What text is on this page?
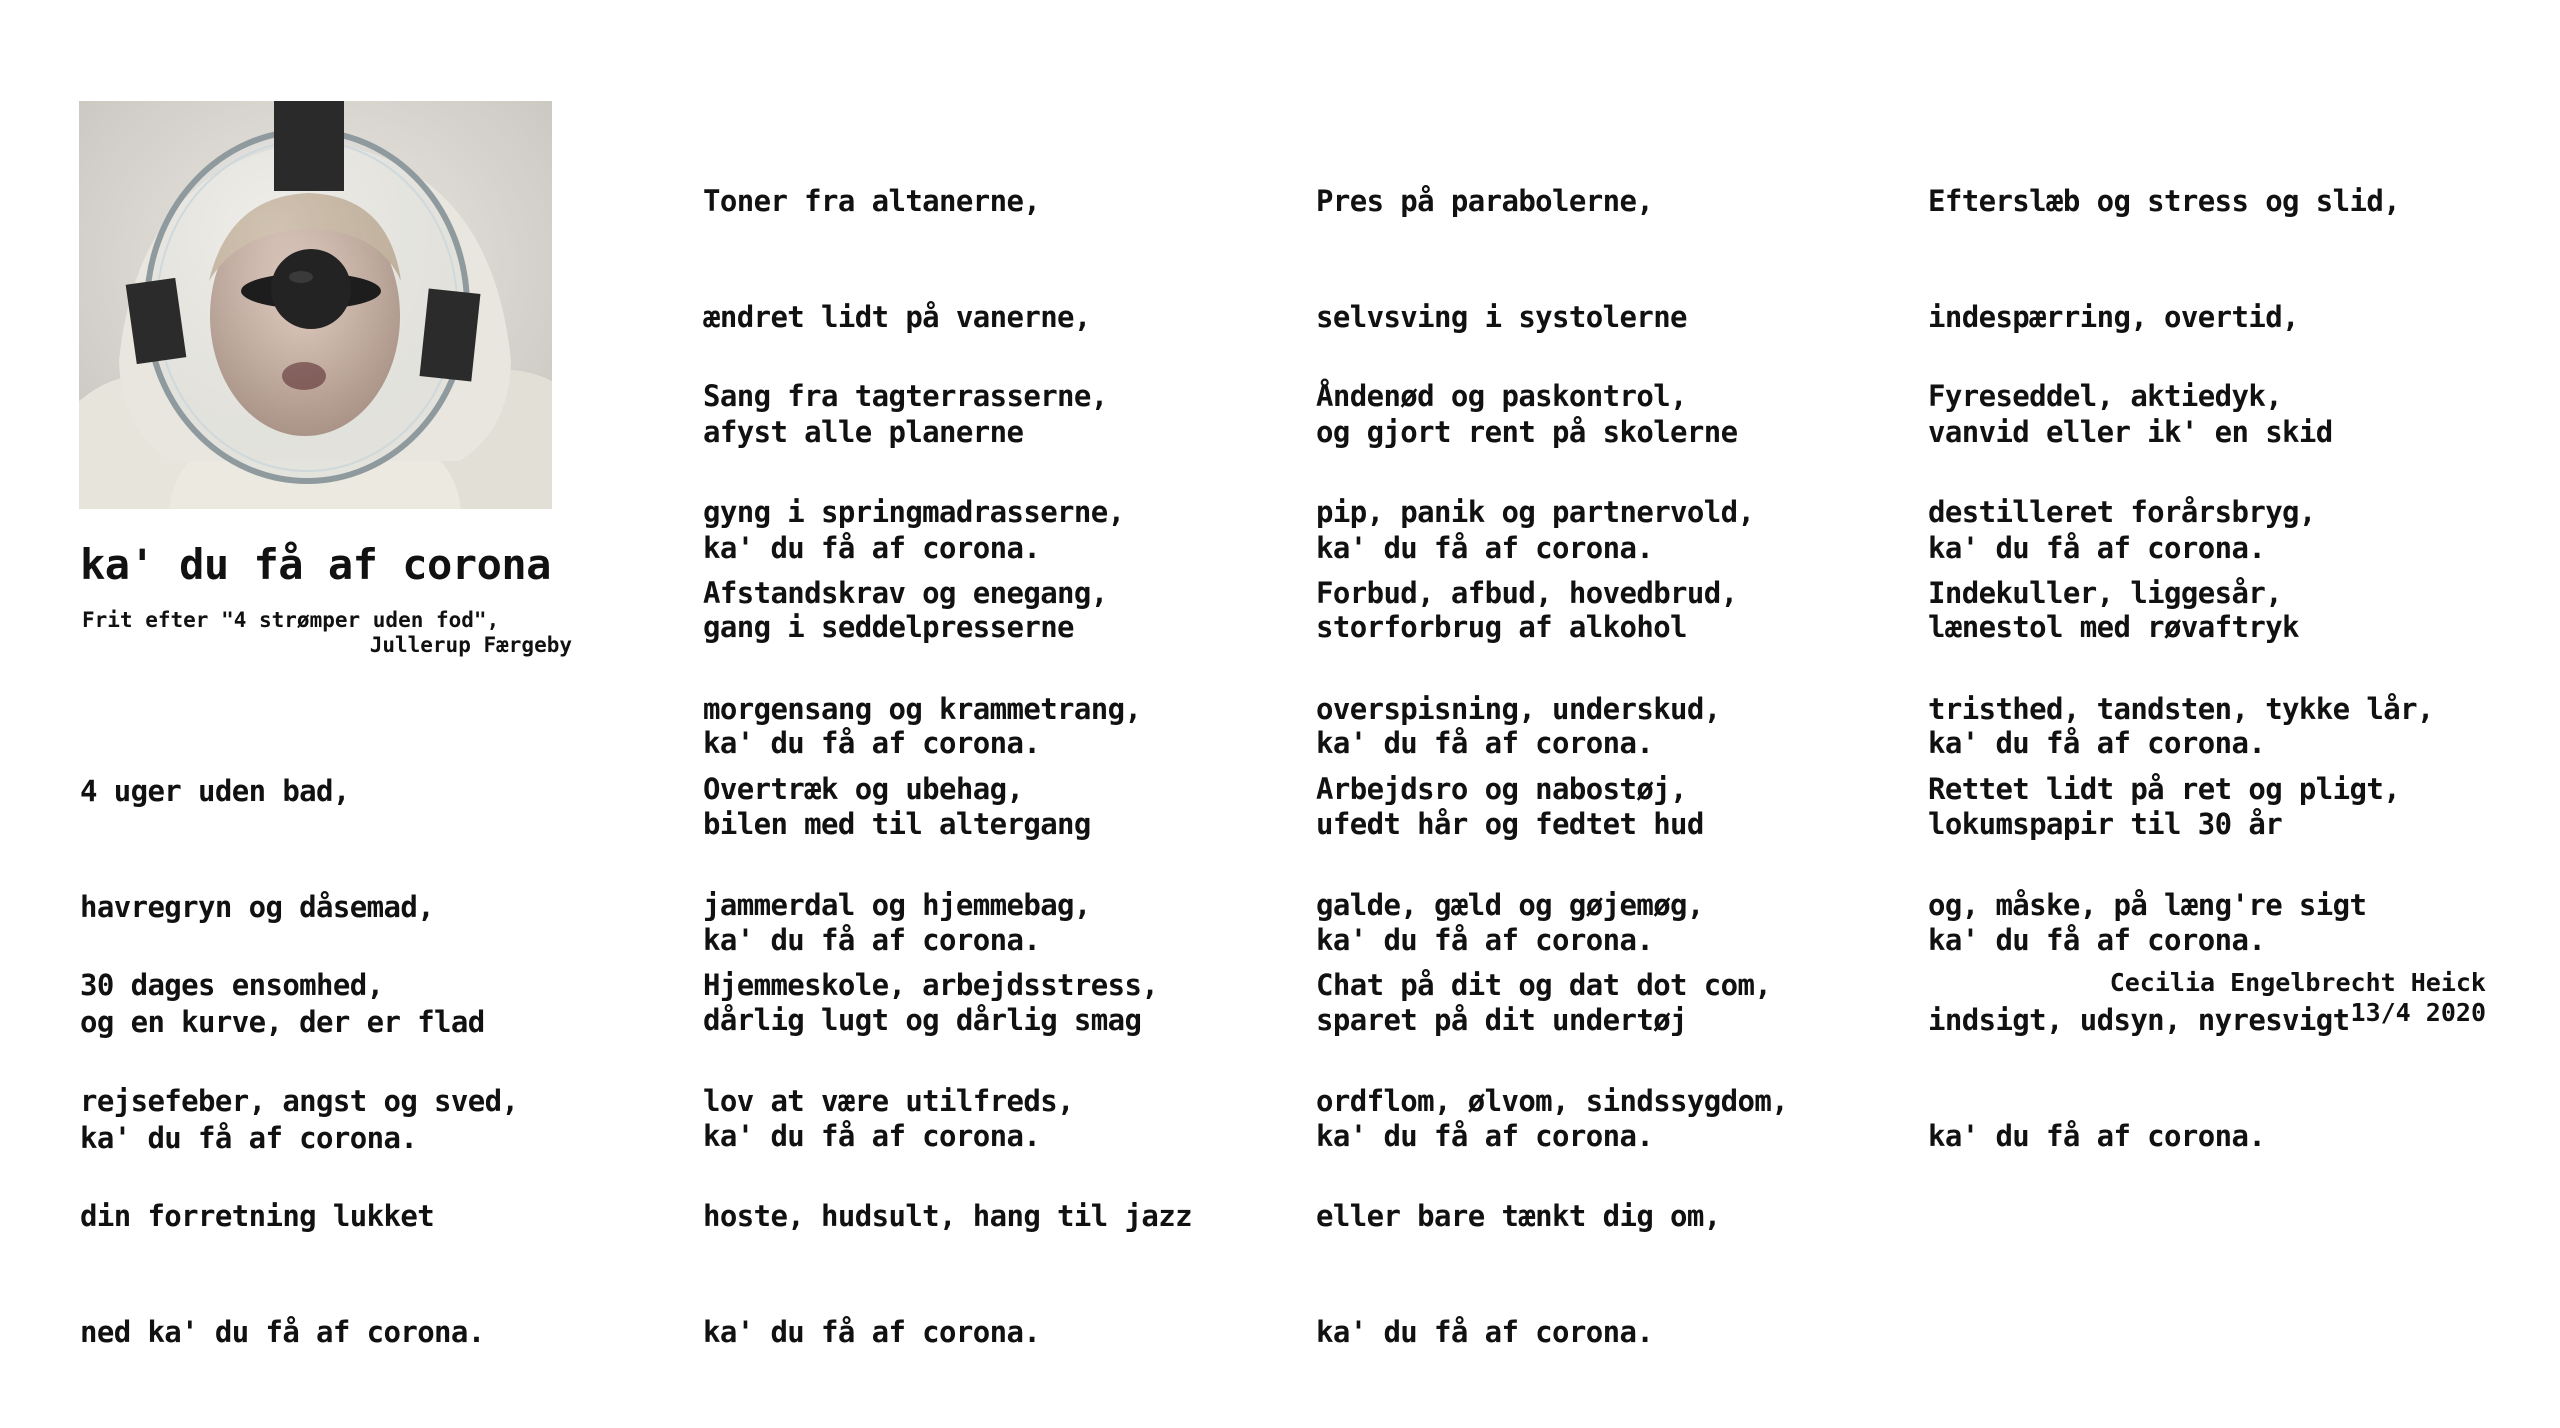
ka' du få af corona
Frit efter "4 strømper uden fod",
Jullerup Færgeby

4 uger uden bad,

havregryn og dåsemad,

og en kurve, der er flad

ka' du få af corona.

30 dages ensomhed,

rejsefeber, angst og sved,

din forretning lukket

ned ka' du få af corona.

Toner fra altanerne,

ændret lidt på vanerne,

afyst alle planerne

ka' du få af corona.

Sang fra tagterrasserne,

gyng i springmadrasserne,

gang i seddelpresserne

ka' du få af corona.

Afstandskrav og enegang,

morgensang og krammetrang,

bilen med til altergang

ka' du få af corona.

Overtræk og ubehag,

jammerdal og hjemmebag,

dårlig lugt og dårlig smag

ka' du få af corona.

Hjemmeskole, arbejdsstress,

lov at være utilfreds,

hoste, hudsult, hang til jazz

ka' du få af corona.

Pres på parabolerne,

selvsving i systolerne

og gjort rent på skolerne

ka' du få af corona.

Åndenød og paskontrol,

pip, panik og partnervold,

storforbrug af alkohol

ka' du få af corona.

Forbud, afbud, hovedbrud,

overspisning, underskud,

ufedt hår og fedtet hud

ka' du få af corona.

Arbejdsro og nabostøj,

galde, gæld og gøjemøg,

sparet på dit undertøj

ka' du få af corona.

Chat på dit og dat dot com,

ordflom, ølvom, sindssygdom,

eller bare tænkt dig om,

ka' du få af corona.

Efterslæb og stress og slid,

indespærring, overtid,

vanvid eller ik' en skid

ka' du få af corona.

Fyreseddel, aktiedyk,

destilleret forårsbryg,

lænestol med røvaftryk

ka' du få af corona.

Indekuller, liggesår,

tristhed, tandsten, tykke lår,

lokumspapir til 30 år

ka' du få af corona.

Rettet lidt på ret og pligt,

og, måske, på læng're sigt

indsigt, udsyn, nyresvigt

ka' du få af corona.

Cecilia Engelbrecht Heick
13/4 2020
